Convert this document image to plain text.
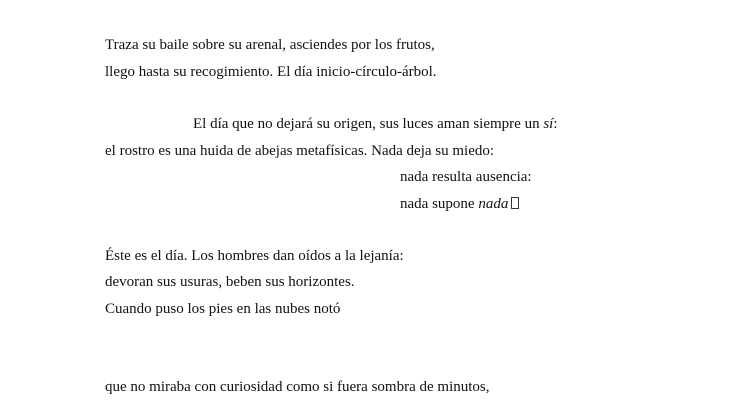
Traza su baile sobre su arenal, asciendes por los frutos,
llego hasta su recogimiento. El día inicio-círculo-árbol.
El día que no dejará su origen, sus luces aman siempre un sí:
el rostro es una huida de abejas metafísicas. Nada deja su miedo:
nada resulta ausencia:
nada supone nada
Éste es el día. Los hombres dan oídos a la lejanía:
devoran sus usuras, beben sus horizontes.
Cuando puso los pies en las nubes notó
que no miraba con curiosidad como si fuera sombra de minutos,
